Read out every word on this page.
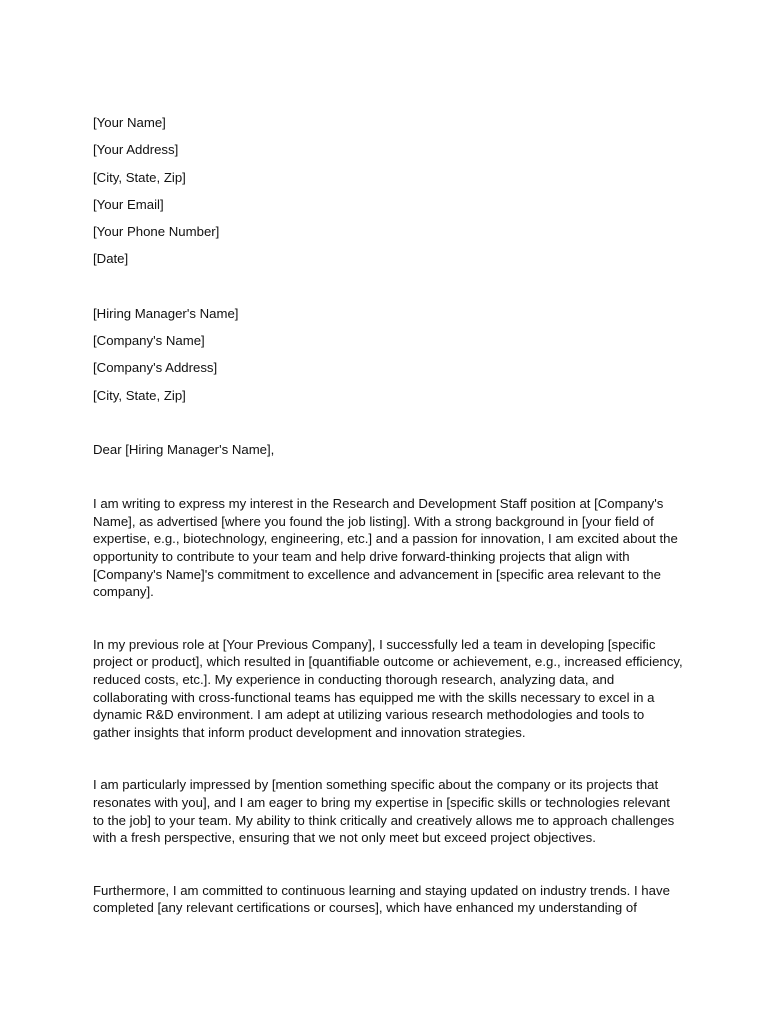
[Your Name]
[Your Address]
[City, State, Zip]
[Your Email]
[Your Phone Number]
[Date]
[Hiring Manager's Name]
[Company's Name]
[Company's Address]
[City, State, Zip]
Dear [Hiring Manager's Name],

I am writing to express my interest in the Research and Development Staff position at [Company's Name], as advertised [where you found the job listing]. With a strong background in [your field of expertise, e.g., biotechnology, engineering, etc.] and a passion for innovation, I am excited about the opportunity to contribute to your team and help drive forward-thinking projects that align with [Company's Name]'s commitment to excellence and advancement in [specific area relevant to the company].

In my previous role at [Your Previous Company], I successfully led a team in developing [specific project or product], which resulted in [quantifiable outcome or achievement, e.g., increased efficiency, reduced costs, etc.]. My experience in conducting thorough research, analyzing data, and collaborating with cross-functional teams has equipped me with the skills necessary to excel in a dynamic R&D environment. I am adept at utilizing various research methodologies and tools to gather insights that inform product development and innovation strategies.

I am particularly impressed by [mention something specific about the company or its projects that resonates with you], and I am eager to bring my expertise in [specific skills or technologies relevant to the job] to your team. My ability to think critically and creatively allows me to approach challenges with a fresh perspective, ensuring that we not only meet but exceed project objectives.

Furthermore, I am committed to continuous learning and staying updated on industry trends. I have completed [any relevant certifications or courses], which have enhanced my understanding of
